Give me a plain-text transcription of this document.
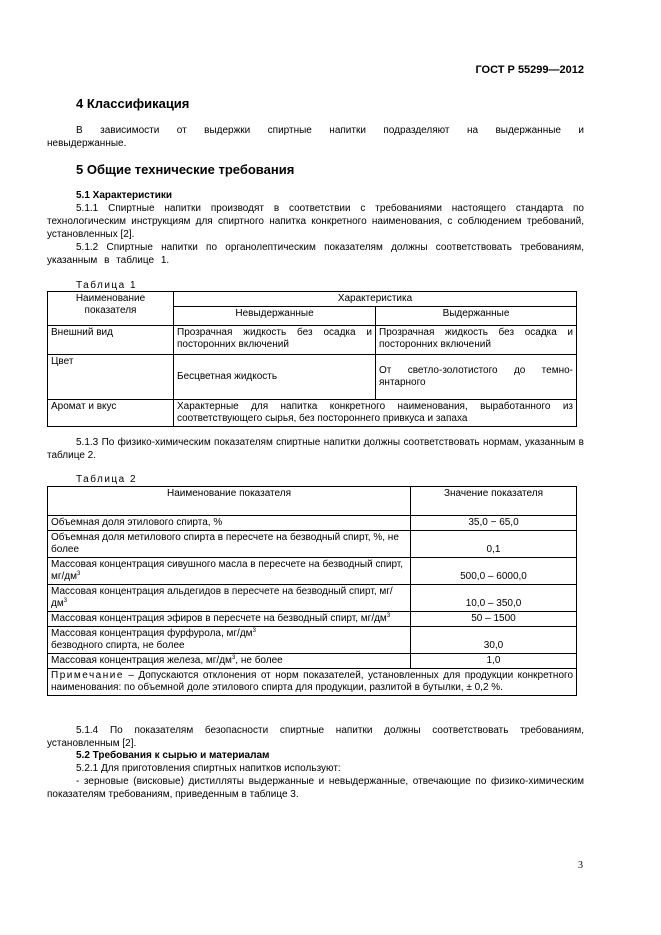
ГОСТ Р 55299—2012
4 Классификация
В зависимости от выдержки спиртные напитки подразделяют на выдержанные и невыдержанные.
5 Общие технические требования
5.1 Характеристики
5.1.1 Спиртные напитки производят в соответствии с требованиями настоящего стандарта по технологическим инструкциям для спиртного напитка конкретного наименования, с соблюдением требований, установленных [2].
5.1.2 Спиртные напитки по органолептическим показателям должны соответствовать требованиям, указанным в таблице 1.
Таблица 1
Наименование показателя	Характеристика	
	Невыдержанные	Выдержанные
Внешний вид	Прозрачная жидкость без осадка и посторонних включений	Прозрачная жидкость без осадка и посторонних включений
Цвет	Бесцветная жидкость	От светло-золотистого до темно-янтарного
Аромат и вкус	Характерные для напитка конкретного наименования, выработанного из соответствующего сырья, без постороннего привкуса и запаха	
5.1.3 По физико-химическим показателям спиртные напитки должны соответствовать нормам, указанным в таблице 2.
Таблица 2
Наименование показателя	Значение показателя
Объемная доля этилового спирта, %	35,0 − 65,0
Объемная доля метилового спирта в пересчете на безводный спирт, %, не более	0,1
Массовая концентрация сивушного масла в пересчете на безводный спирт, $мг/дм^3$	500,0 – 6000,0
Массовая концентрация альдегидов в пересчете на безводный спирт, $мг/дм^3$	10,0 – 350,0
Массовая концентрация эфиров в пересчете на безводный спирт, $мг/дм^3$	50 – 1500
Массовая концентрация фурфурола, $мг/дм^3$
безводного спирта, не более	30,0
Массовая концентрация железа, $мг/дм^3$, не более	1,0
Примечание – Допускаются отклонения от норм показателей, установленных для продукции конкретного наименования: по объемной доле этилового спирта для продукции, разлитой в бутылки, ± 0,2 %.	
5.1.4 По показателям безопасности спиртные напитки должны соответствовать требованиям, установленным [2].
5.2 Требования к сырью и материалам
5.2.1 Для приготовления спиртных напитков используют:
- зерновые (висковые) дистилляты выдержанные и невыдержанные, отвечающие по физико-химическим показателям требованиям, приведенным в таблице 3.
3
